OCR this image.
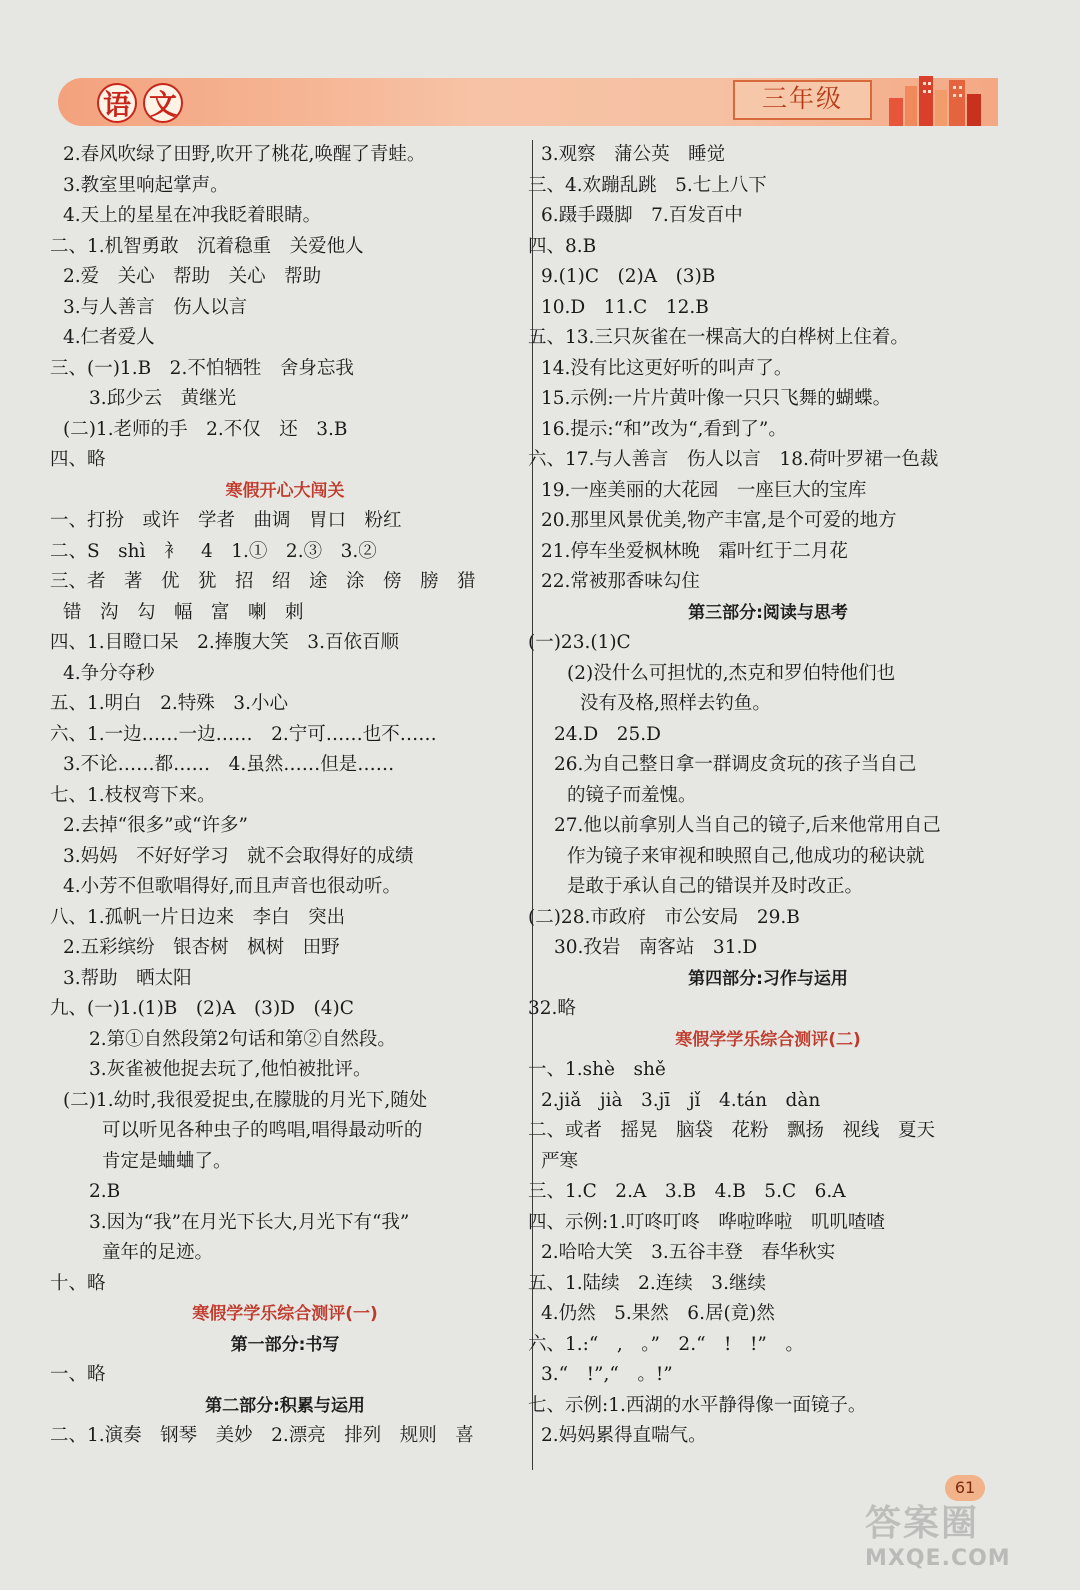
语 文	三年级
2.春风吹绿了田野,吹开了桃花,唤醒了青蛙。
3.教室里响起掌声。
4.天上的星星在冲我眨着眼睛。
二、1.机智勇敢　沉着稳重　关爱他人
2.爱　关心　帮助　关心　帮助
3.与人善言　伤人以言
4.仁者爱人
三、(一)1.B　2.不怕牺牲　舍身忘我
3.邱少云　黄继光
(二)1.老师的手　2.不仅　还　3.B
四、略
寒假开心大闯关
一、打扮　或许　学者　曲调　胃口　粉红
二、S　shì　衤　4　1.①　2.③　3.②
三、者　著　优　犹　招　绍　途　涂　傍　膀　猎
错　沟　勾　幅　富　喇　刺
四、1.目瞪口呆　2.捧腹大笑　3.百依百顺
4.争分夺秒
五、1.明白　2.特殊　3.小心
六、1.一边……一边……　2.宁可……也不……
3.不论……都……　4.虽然……但是……
七、1.枝杈弯下来。
2.去掉“很多”或“许多”
3.妈妈　不好好学习　就不会取得好的成绩
4.小芳不但歌唱得好,而且声音也很动听。
八、1.孤帆一片日边来　李白　突出
2.五彩缤纷　银杏树　枫树　田野
3.帮助　晒太阳
九、(一)1.(1)B　(2)A　(3)D　(4)C
2.第①自然段第2句话和第②自然段。
3.灰雀被他捉去玩了,他怕被批评。
(二)1.幼时,我很爱捉虫,在朦胧的月光下,随处
可以听见各种虫子的鸣唱,唱得最动听的
肯定是蛐蛐了。
2.B
3.因为“我”在月光下长大,月光下有“我”
童年的足迹。
十、略
寒假学学乐综合测评(一)
第一部分:书写
一、略
第二部分:积累与运用
二、1.演奏　钢琴　美妙　2.漂亮　排列　规则　喜
3.观察　蒲公英　睡觉
三、4.欢蹦乱跳　5.七上八下
6.蹑手蹑脚　7.百发百中
四、8.B
9.(1)C　(2)A　(3)B
10.D　11.C　12.B
五、13.三只灰雀在一棵高大的白桦树上住着。
14.没有比这更好听的叫声了。
15.示例:一片片黄叶像一只只飞舞的蝴蝶。
16.提示:“和”改为“,看到了”。
六、17.与人善言　伤人以言　18.荷叶罗裙一色裁
19.一座美丽的大花园　一座巨大的宝库
20.那里风景优美,物产丰富,是个可爱的地方
21.停车坐爱枫林晚　霜叶红于二月花
22.常被那香味勾住
第三部分:阅读与思考
(一)23.(1)C
(2)没什么可担忧的,杰克和罗伯特他们也
没有及格,照样去钓鱼。
24.D　25.D
26.为自己整日拿一群调皮贪玩的孩子当自己
的镜子而羞愧。
27.他以前拿别人当自己的镜子,后来他常用自己
作为镜子来审视和映照自己,他成功的秘诀就
是敢于承认自己的错误并及时改正。
(二)28.市政府　市公安局　29.B
30.孜岩　南客站　31.D
第四部分:习作与运用
32.略
寒假学学乐综合测评(二)
一、1.shè　shě
2.jiǎ　jià　3.jī　jǐ　4.tán　dàn
二、或者　摇晃　脑袋　花粉　飘扬　视线　夏天
严寒
三、1.C　2.A　3.B　4.B　5.C　6.A
四、示例:1.叮咚叮咚　哗啦哗啦　叽叽喳喳
2.哈哈大笑　3.五谷丰登　春华秋实
五、1.陆续　2.连续　3.继续
4.仍然　5.果然　6.居(竟)然
六、1.:“　,　。”　2.“　!　!”　。
3.“　!”,“　。!”
七、示例:1.西湖的水平静得像一面镜子。
2.妈妈累得直喘气。
61
答案圈
MXQE.COM
